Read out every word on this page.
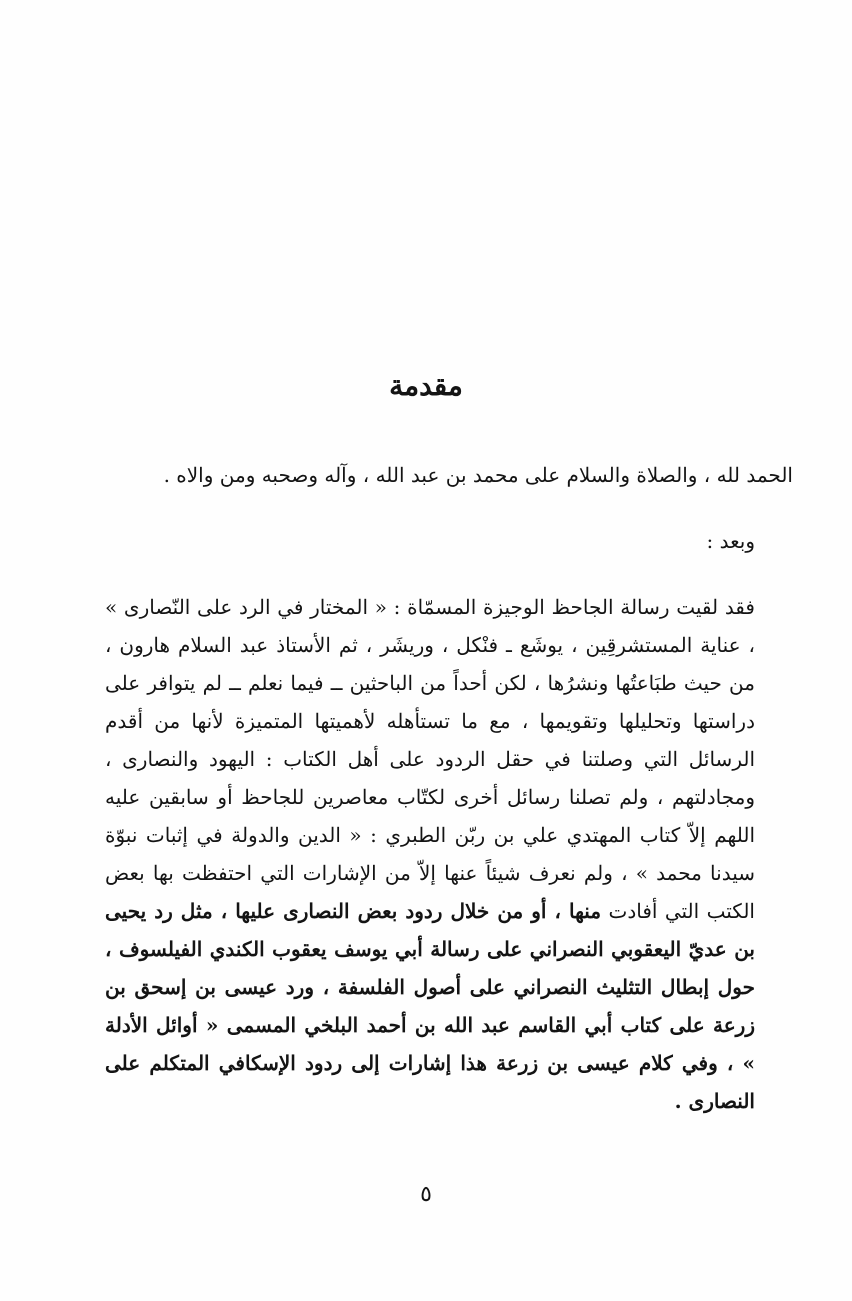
مقدمة

الحمد لله ، والصلاة والسلام على محمد بن عبد الله ، وآله وصحبه ومن والاه .

وبعد :

فقد لقيت رسالة الجاحظ الوجيزة المسمّاة : « المختار في الرد على النّصارى » ، عناية المستشرقِين ، يوشَع ـ فنْكل ، وريشَر ، ثم الأستاذ عبد السلام هارون ، من حيث طبَاعتُها ونشرُها ، لكن أحداً من الباحثين ــ فيما نعلم ــ لم يتوافر على دراستها وتحليلها وتقويمها ، مع ما تستأهله لأهميتها المتميزة لأنها من أقدم الرسائل التي وصلتنا في حقل الردود على أهل الكتاب : اليهود والنصارى ، ومجادلتهم ، ولم تصلنا رسائل أخرى لكتّاب معاصرين للجاحظ أو سابقين عليه اللهم إلاّ كتاب المهتدي علي بن ربّن الطبري : « الدين والدولة في إثبات نبوّة سيدنا محمد » ، ولم نعرف شيئاً عنها إلاّ من الإشارات التي احتفظت بها بعض الكتب التي أفادت منها ، أو من خلال ردود بعض النصارى عليها ، مثل رد يحيى بن عديّ اليعقوبي النصراني على رسالة أبي يوسف يعقوب الكندي الفيلسوف ، حول إبطال التثليث النصراني على أصول الفلسفة ، ورد عيسى بن إسحق بن زرعة على كتاب أبي القاسم عبد الله بن أحمد البلخي المسمى « أوائل الأدلة » ، وفي كلام عيسى بن زرعة هذا إشارات إلى ردود الإسكافي المتكلم على النصارى .

٥
